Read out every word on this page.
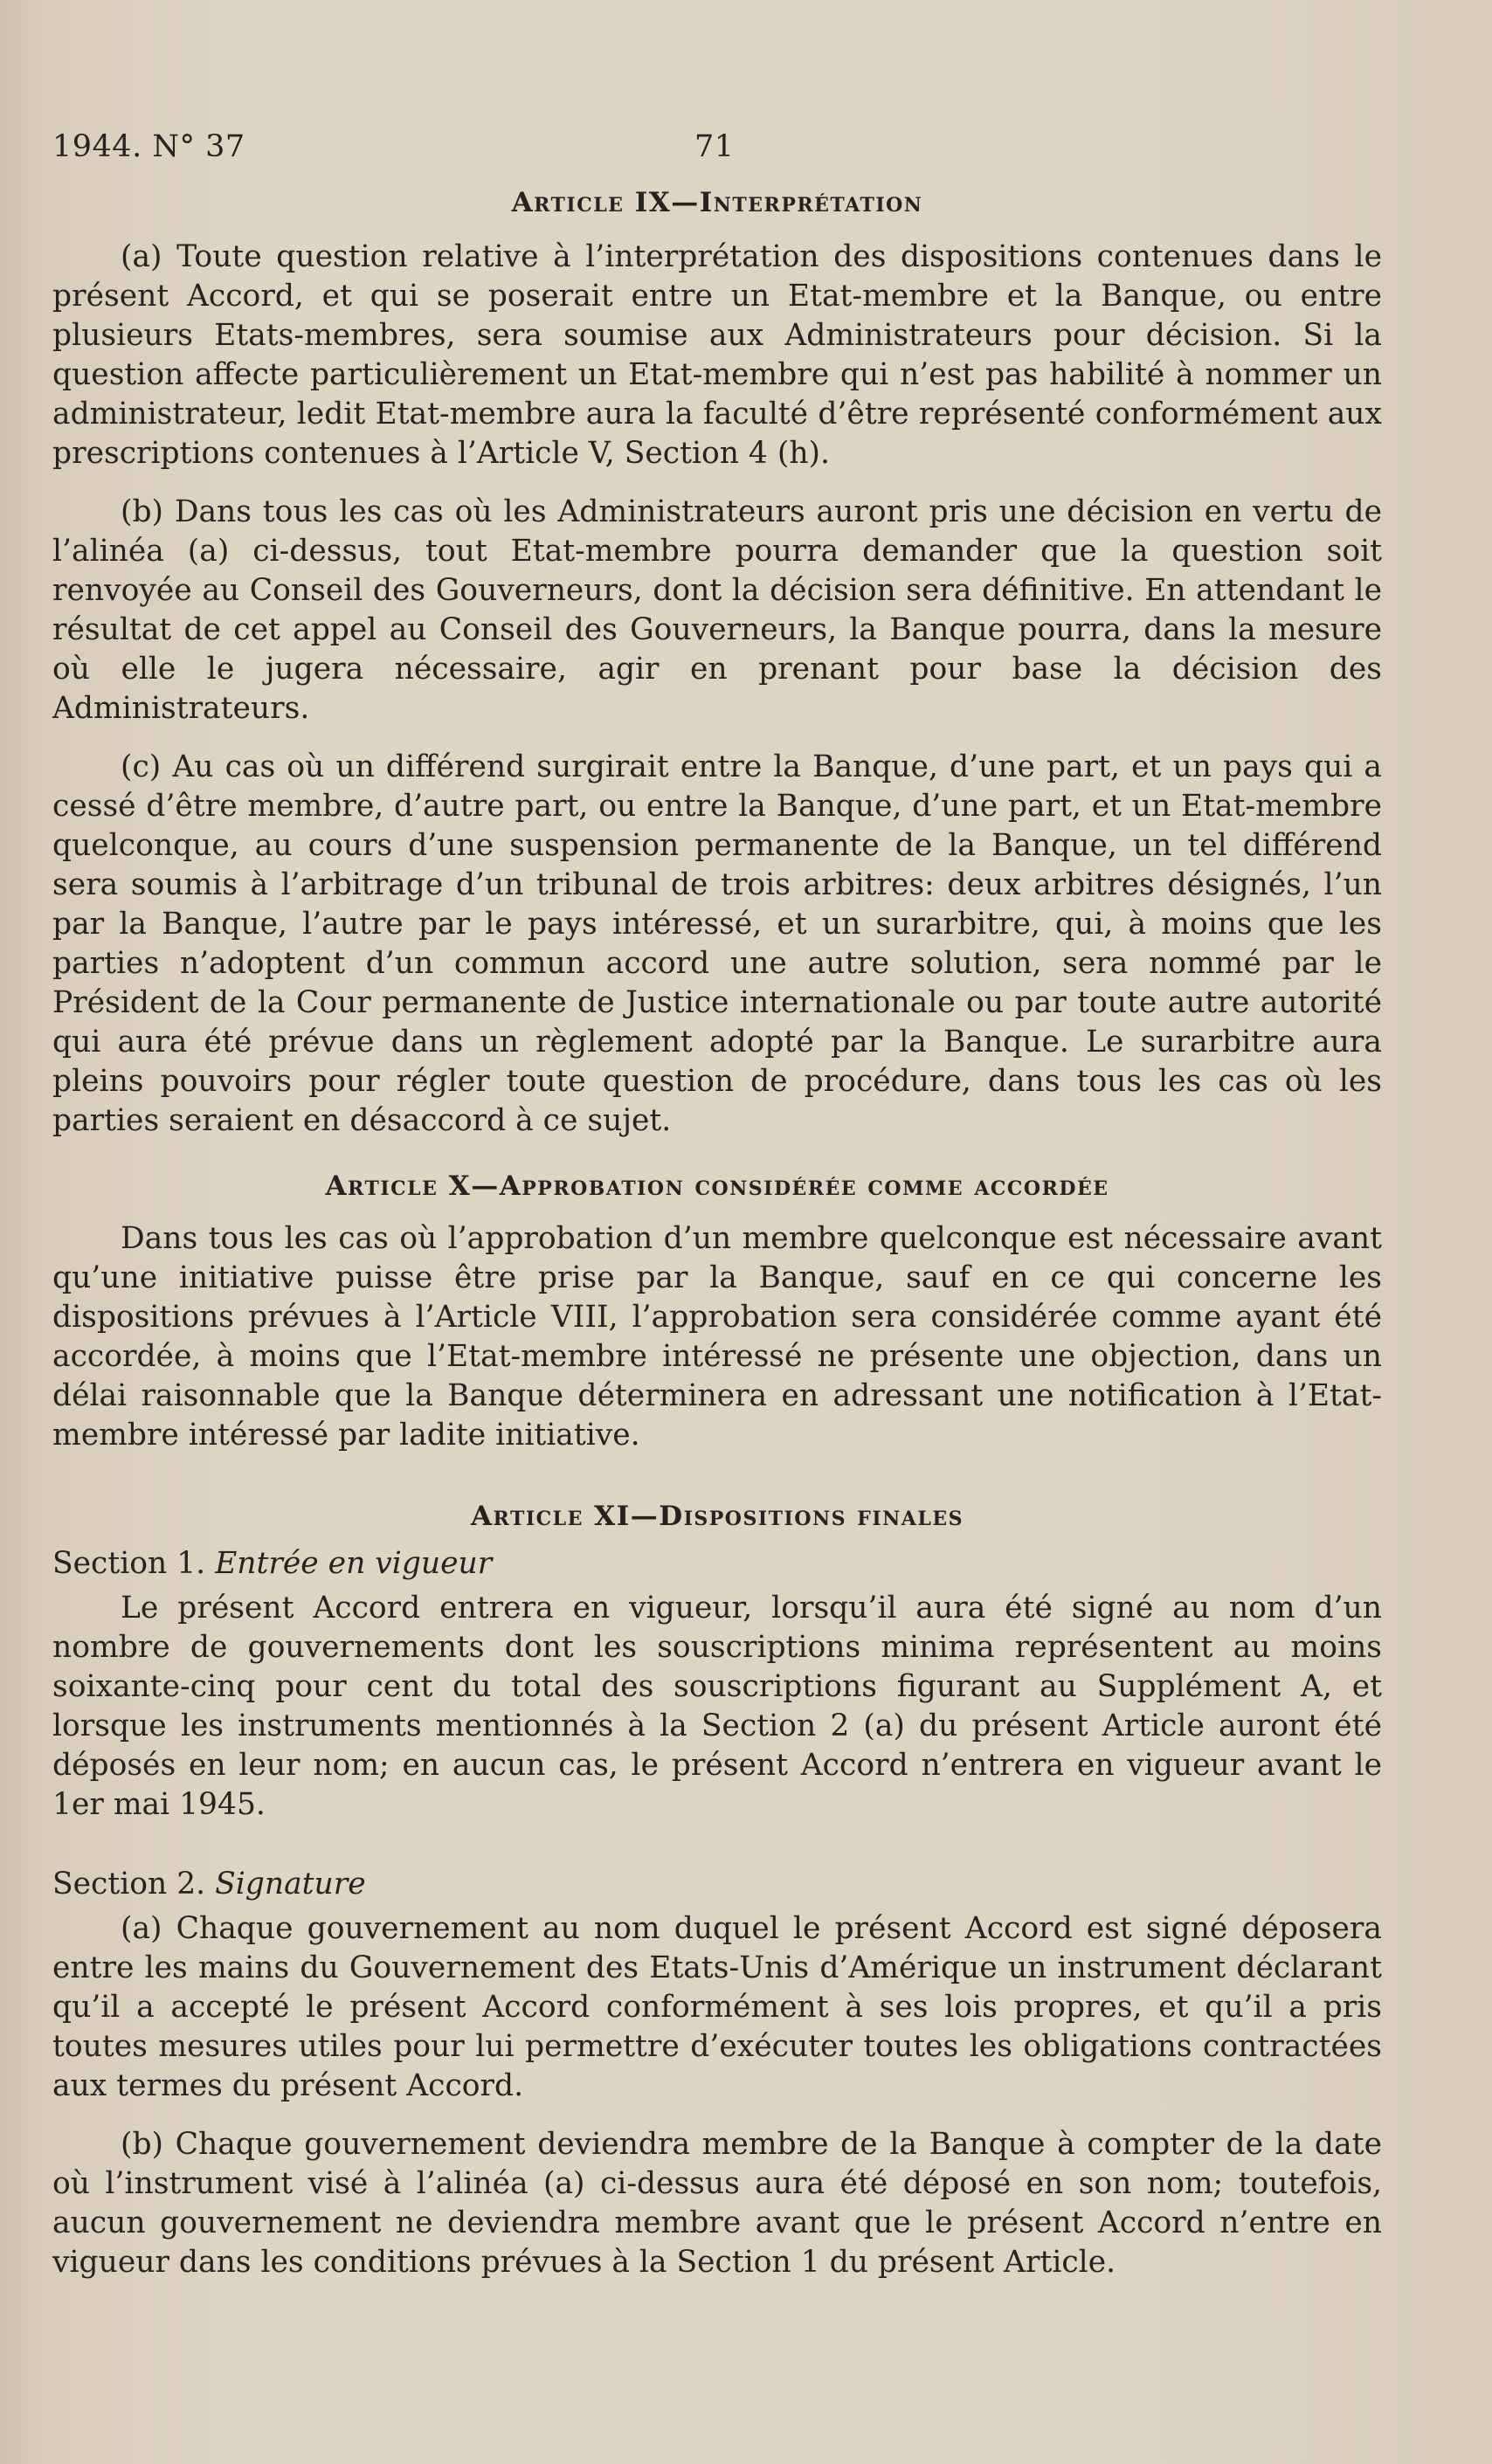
1944. N° 37	71
Article IX—Interprétation

(a) Toute question relative à l’interprétation des dispositions contenues dans le présent Accord, et qui se poserait entre un Etat-membre et la Banque, ou entre plusieurs Etats-membres, sera soumise aux Administrateurs pour décision. Si la question affecte particulièrement un Etat-membre qui n’est pas habilité à nommer un administrateur, ledit Etat-membre aura la faculté d’être représenté conformément aux prescriptions contenues à l’Article V, Section 4 (h).

(b) Dans tous les cas où les Administrateurs auront pris une décision en vertu de l’alinéa (a) ci-dessus, tout Etat-membre pourra demander que la question soit renvoyée au Conseil des Gouverneurs, dont la décision sera définitive. En attendant le résultat de cet appel au Conseil des Gouverneurs, la Banque pourra, dans la mesure où elle le jugera nécessaire, agir en prenant pour base la décision des Administrateurs.

(c) Au cas où un différend surgirait entre la Banque, d’une part, et un pays qui a cessé d’être membre, d’autre part, ou entre la Banque, d’une part, et un Etat-membre quelconque, au cours d’une suspension permanente de la Banque, un tel différend sera soumis à l’arbitrage d’un tribunal de trois arbitres: deux arbitres désignés, l’un par la Banque, l’autre par le pays intéressé, et un surarbitre, qui, à moins que les parties n’adoptent d’un commun accord une autre solution, sera nommé par le Président de la Cour permanente de Justice internationale ou par toute autre autorité qui aura été prévue dans un règlement adopté par la Banque. Le surarbitre aura pleins pouvoirs pour régler toute question de procédure, dans tous les cas où les parties seraient en désaccord à ce sujet.

Article X—Approbation considérée comme accordée

Dans tous les cas où l’approbation d’un membre quelconque est nécessaire avant qu’une initiative puisse être prise par la Banque, sauf en ce qui concerne les dispositions prévues à l’Article VIII, l’approbation sera considérée comme ayant été accordée, à moins que l’Etat-membre intéressé ne présente une objection, dans un délai raisonnable que la Banque déterminera en adressant une notification à l’Etat-membre intéressé par ladite initiative.

Article XI—Dispositions finales
Section 1. Entrée en vigueur

Le présent Accord entrera en vigueur, lorsqu’il aura été signé au nom d’un nombre de gouvernements dont les souscriptions minima représentent au moins soixante-cinq pour cent du total des souscriptions figurant au Supplément A, et lorsque les instruments mentionnés à la Section 2 (a) du présent Article auront été déposés en leur nom; en aucun cas, le présent Accord n’entrera en vigueur avant le 1er mai 1945.

Section 2. Signature

(a) Chaque gouvernement au nom duquel le présent Accord est signé déposera entre les mains du Gouvernement des Etats-Unis d’Amérique un instrument déclarant qu’il a accepté le présent Accord conformément à ses lois propres, et qu’il a pris toutes mesures utiles pour lui permettre d’exécuter toutes les obligations contractées aux termes du présent Accord.

(b) Chaque gouvernement deviendra membre de la Banque à compter de la date où l’instrument visé à l’alinéa (a) ci-dessus aura été déposé en son nom; toutefois, aucun gouvernement ne deviendra membre avant que le présent Accord n’entre en vigueur dans les conditions prévues à la Section 1 du présent Article.
